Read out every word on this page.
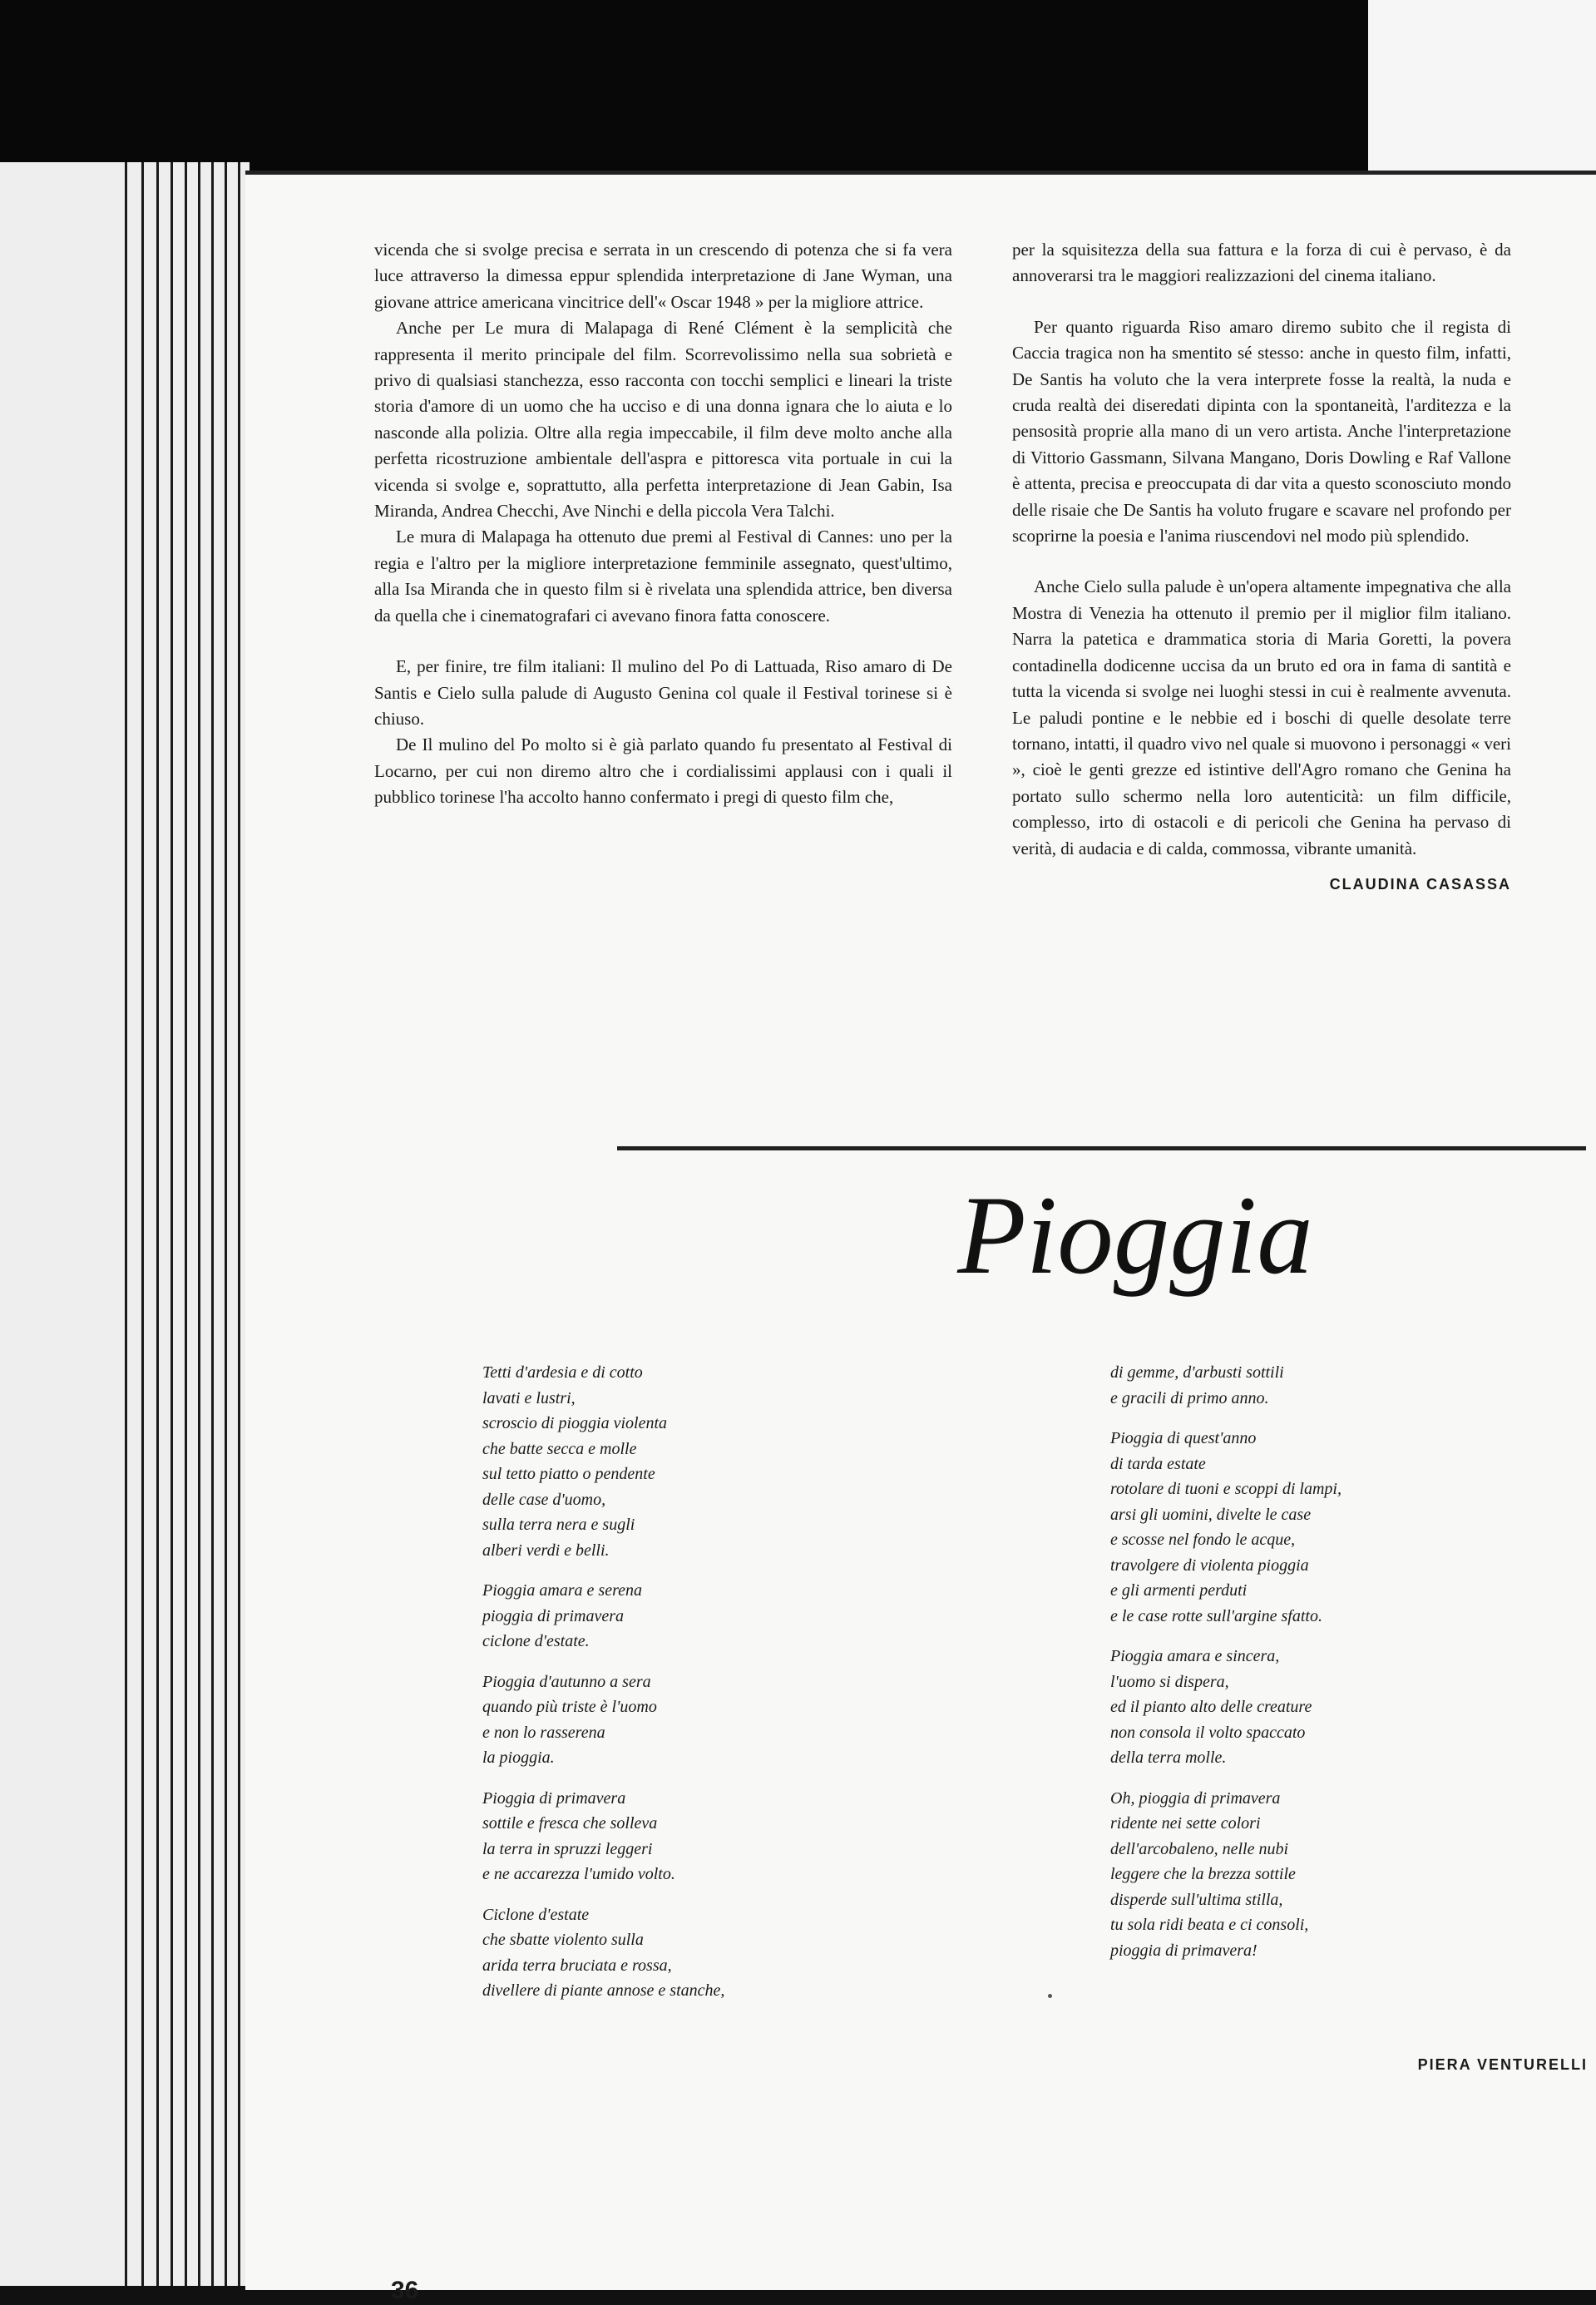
vicenda che si svolge precisa e serrata in un crescendo di potenza che si fa vera luce attraverso la dimessa eppur splendida interpretazione di Jane Wyman, una giovane attrice americana vincitrice dell'« Oscar 1948 » per la migliore attrice.

Anche per Le mura di Malapaga di René Clément è la semplicità che rappresenta il merito principale del film. Scorrevolissimo nella sua sobrietà e privo di qualsiasi stanchezza, esso racconta con tocchi semplici e lineari la triste storia d'amore di un uomo che ha ucciso e di una donna ignara che lo aiuta e lo nasconde alla polizia. Oltre alla regia impeccabile, il film deve molto anche alla perfetta ricostruzione ambientale dell'aspra e pittoresca vita portuale in cui la vicenda si svolge e, soprattutto, alla perfetta interpretazione di Jean Gabin, Isa Miranda, Andrea Checchi, Ave Ninchi e della piccola Vera Talchi.

Le mura di Malapaga ha ottenuto due premi al Festival di Cannes: uno per la regia e l'altro per la migliore interpretazione femminile assegnato, quest'ultimo, alla Isa Miranda che in questo film si è rivelata una splendida attrice, ben diversa da quella che i cinematografari ci avevano finora fatta conoscere.

E, per finire, tre film italiani: Il mulino del Po di Lattuada, Riso amaro di De Santis e Cielo sulla palude di Augusto Genina col quale il Festival torinese si è chiuso.

De Il mulino del Po molto si è già parlato quando fu presentato al Festival di Locarno, per cui non diremo altro che i cordialissimi applausi con i quali il pubblico torinese l'ha accolto hanno confermato i pregi di questo film che,

per la squisitezza della sua fattura e la forza di cui è pervaso, è da annoverarsi tra le maggiori realizzazioni del cinema italiano.

Per quanto riguarda Riso amaro diremo subito che il regista di Caccia tragica non ha smentito sé stesso: anche in questo film, infatti, De Santis ha voluto che la vera interprete fosse la realtà, la nuda e cruda realtà dei diseredati dipinta con la spontaneità, l'arditezza e la pensosità proprie alla mano di un vero artista. Anche l'interpretazione di Vittorio Gassmann, Silvana Mangano, Doris Dowling e Raf Vallone è attenta, precisa e preoccupata di dar vita a questo sconosciuto mondo delle risaie che De Santis ha voluto frugare e scavare nel profondo per scoprirne la poesia e l'anima riuscendovi nel modo più splendido.

Anche Cielo sulla palude è un'opera altamente impegnativa che alla Mostra di Venezia ha ottenuto il premio per il miglior film italiano. Narra la patetica e drammatica storia di Maria Goretti, la povera contadinella dodicenne uccisa da un bruto ed ora in fama di santità e tutta la vicenda si svolge nei luoghi stessi in cui è realmente avvenuta. Le paludi pontine e le nebbie ed i boschi di quelle desolate terre tornano, intatti, il quadro vivo nel quale si muovono i personaggi « veri », cioè le genti grezze ed istintive dell'Agro romano che Genina ha portato sullo schermo nella loro autenticità: un film difficile, complesso, irto di ostacoli e di pericoli che Genina ha pervaso di verità, di audacia e di calda, commossa, vibrante umanità.

CLAUDINA CASASSA
Pioggia
Tetti d'ardesia e di cotto
lavati e lustri,
scroscio di pioggia violenta
che batte secca e molle
sul tetto piatto o pendente
delle case d'uomo,
sulla terra nera e sugli
alberi verdi e belli.
Pioggia amara e serena
pioggia di primavera
ciclone d'estate.
Pioggia d'autunno a sera
quando più triste è l'uomo
e non lo rasserena
la pioggia.
Pioggia di primavera
sottile e fresca che solleva
la terra in spruzzi leggeri
e ne accarezza l'umido volto.
Ciclone d'estate
che sbatte violento sulla
arida terra bruciata e rossa,
divellere di piante annose e stanche,
di gemme, d'arbusti sottili
e gracili di primo anno.
Pioggia di quest'anno
di tarda estate
rotolare di tuoni e scoppi di lampi,
arsi gli uomini, divelte le case
e scosse nel fondo le acque,
travolgere di violenta pioggia
e gli armenti perduti
e le case rotte sull'argine sfatto.
Pioggia amara e sincera,
l'uomo si dispera,
ed il pianto alto delle creature
non consola il volto spaccato
della terra molle.
Oh, pioggia di primavera
ridente nei sette colori
dell'arcobaleno, nelle nubi
leggere che la brezza sottile
disperde sull'ultima stilla,
tu sola ridi beata e ci consoli,
pioggia di primavera!
PIERA VENTURELLI
36
